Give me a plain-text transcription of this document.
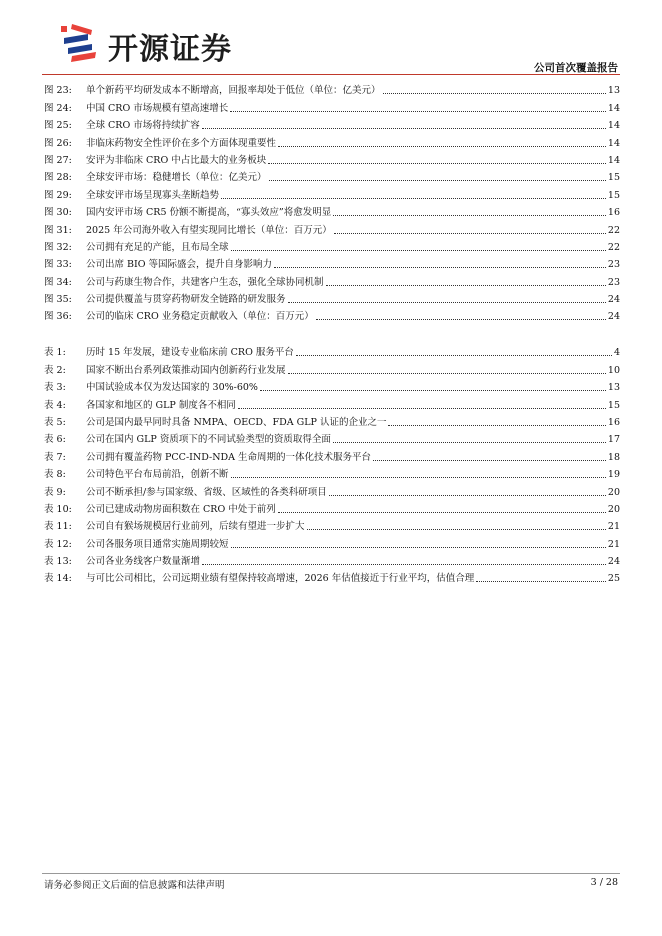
开源证券
公司首次覆盖报告
图 23:	单个新药平均研发成本不断增高，回报率却处于低位（单位：亿美元）	13
图 24:	中国 CRO 市场规模有望高速增长	14
图 25:	全球 CRO 市场将持续扩容	14
图 26:	非临床药物安全性评价在多个方面体现重要性	14
图 27:	安评为非临床 CRO 中占比最大的业务板块	14
图 28:	全球安评市场：稳健增长（单位：亿美元）	15
图 29:	全球安评市场呈现寡头垄断趋势	15
图 30:	国内安评市场 CR5 份额不断提高，“寡头效应”将愈发明显	16
图 31:	2025 年公司海外收入有望实现同比增长（单位：百万元）	22
图 32:	公司拥有充足的产能，且布局全球	22
图 33:	公司出席 BIO 等国际盛会，提升自身影响力	23
图 34:	公司与药康生物合作，共建客户生态，强化全球协同机制	23
图 35:	公司提供覆盖与贯穿药物研发全链路的研发服务	24
图 36:	公司的临床 CRO 业务稳定贡献收入（单位：百万元）	24
表 1:	历时 15 年发展，建设专业临床前 CRO 服务平台	4
表 2:	国家不断出台系列政策推动国内创新药行业发展	10
表 3:	中国试验成本仅为发达国家的 30%-60%	13
表 4:	各国家和地区的 GLP 制度各不相同	15
表 5:	公司是国内最早同时具备 NMPA、OECD、FDA GLP 认证的企业之一	16
表 6:	公司在国内 GLP 资质项下的不同试验类型的资质取得全面	17
表 7:	公司拥有覆盖药物 PCC-IND-NDA 生命周期的一体化技术服务平台	18
表 8:	公司特色平台布局前沿，创新不断	19
表 9:	公司不断承担/参与国家级、省级、区域性的各类科研项目	20
表 10:	公司已建成动物房面积数在 CRO 中处于前列	20
表 11:	公司自有猴场规模居行业前列，后续有望进一步扩大	21
表 12:	公司各服务项目通常实施周期较短	21
表 13:	公司各业务线客户数量渐增	24
表 14:	与可比公司相比，公司远期业绩有望保持较高增速，2026 年估值接近于行业平均，估值合理	25
请务必参阅正文后面的信息披露和法律声明	3 / 28
